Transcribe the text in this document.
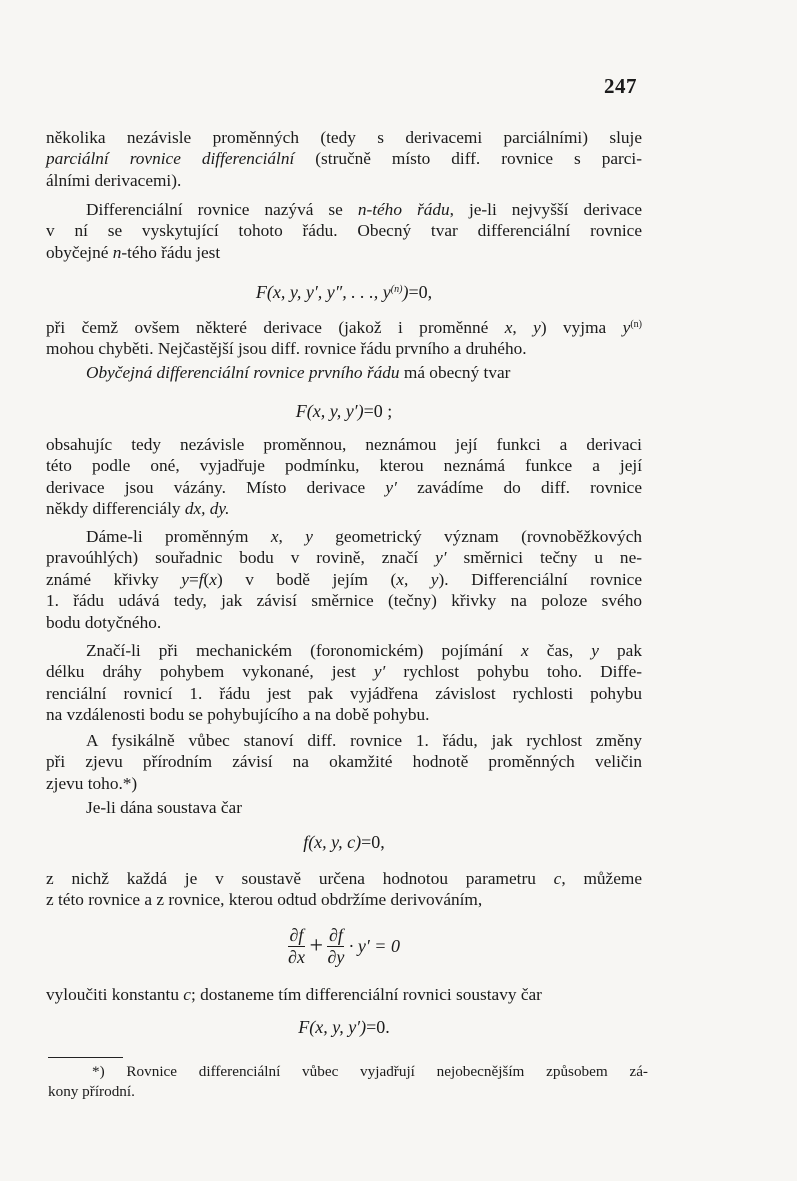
247
několika nezávisle proměnných (tedy s derivacemi parciálními) sluje
parciální rovnice differenciální (stručně místo diff. rovnice s parci-
álními derivacemi).
Differenciální rovnice nazývá se n-tého řádu, je-li nejvyšší derivace
v ní se vyskytující tohoto řádu. Obecný tvar differenciální rovnice
obyčejné n-tého řádu jest
F(x, y, y′, y″, . . ., $y^{(n)})=0$,
při čemž ovšem některé derivace (jakož i proměnné x, y) vyjma $y^{(n)}$
mohou chyběti. Nejčastější jsou diff. rovnice řádu prvního a druhého.
Obyčejná differenciální rovnice prvního řádu má obecný tvar
F(x, y, y′)=0 ;
obsahujíc tedy nezávisle proměnnou, neznámou její funkci a derivaci
této podle oné, vyjadřuje podmínku, kterou neznámá funkce a její
derivace jsou vázány. Místo derivace y′ zavádíme do diff. rovnice
někdy differenciály dx, dy.
Dáme-li proměnným x, y geometrický význam (rovnoběžkových
pravoúhlých) souřadnic bodu v rovině, značí y′ směrnici tečny u ne-
známé křivky y=f(x) v bodě jejím (x, y). Differenciální rovnice
1. řádu udává tedy, jak závisí směrnice (tečny) křivky na poloze svého
bodu dotyčného.
Značí-li při mechanickém (foronomickém) pojímání x čas, y pak
délku dráhy pohybem vykonané, jest y′ rychlost pohybu toho. Diffe-
renciální rovnicí 1. řádu jest pak vyjádřena závislost rychlosti pohybu
na vzdálenosti bodu se pohybujícího a na době pohybu.
A fysikálně vůbec stanoví diff. rovnice 1. řádu, jak rychlost změny
při zjevu přírodním závisí na okamžité hodnotě proměnných veličin
zjevu toho.*)
Je-li dána soustava čar
f(x, y, c)=0,
z nichž každá je v soustavě určena hodnotou parametru c, můžeme
z této rovnice a z rovnice, kterou odtud obdržíme derivováním,
$\frac{\partial f}{\partial x} + \frac{\partial f}{\partial y} \cdot y' = 0$
vyloučiti konstantu c; dostaneme tím differenciální rovnici soustavy čar
F(x, y, y′)=0.
*) Rovnice differenciální vůbec vyjadřují nejobecnějším způsobem zá-
kony přírodní.
